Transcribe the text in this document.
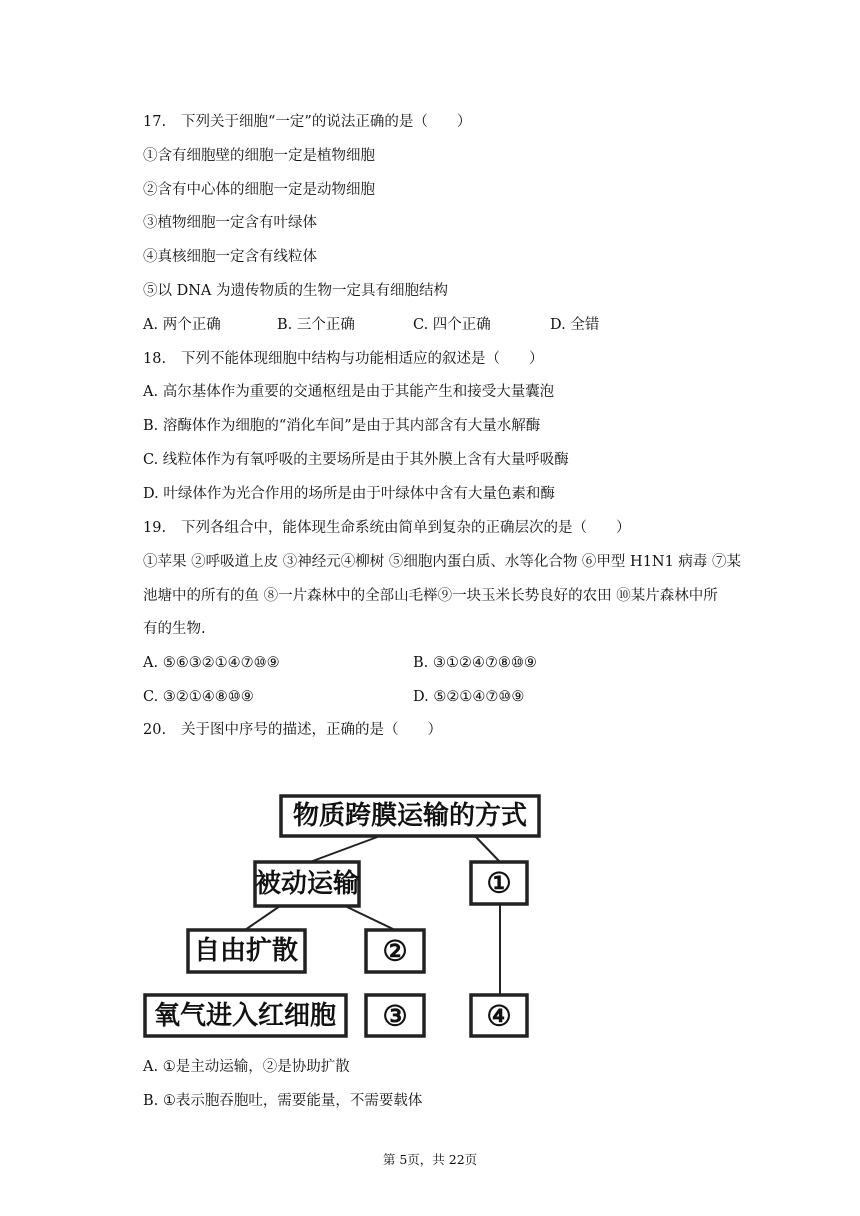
17. 下列关于细胞“一定”的说法正确的是（　　）
①含有细胞壁的细胞一定是植物细胞
②含有中心体的细胞一定是动物细胞
③植物细胞一定含有叶绿体
④真核细胞一定含有线粒体
⑤以 DNA 为遗传物质的生物一定具有细胞结构
A. 两个正确	B. 三个正确	C. 四个正确	D. 全错
18. 下列不能体现细胞中结构与功能相适应的叙述是（　　）
A. 高尔基体作为重要的交通枢纽是由于其能产生和接受大量囊泡
B. 溶酶体作为细胞的“消化车间”是由于其内部含有大量水解酶
C. 线粒体作为有氧呼吸的主要场所是由于其外膜上含有大量呼吸酶
D. 叶绿体作为光合作用的场所是由于叶绿体中含有大量色素和酶
19. 下列各组合中，能体现生命系统由简单到复杂的正确层次的是（　　）
①苹果 ②呼吸道上皮 ③神经元④柳树 ⑤细胞内蛋白质、水等化合物 ⑥甲型 H1N1 病毒 ⑦某
池塘中的所有的鱼 ⑧一片森林中的全部山毛榉⑨一块玉米长势良好的农田 ⑩某片森林中所
有的生物.
A. ⑤⑥③②①④⑦⑩⑨	B. ③①②④⑦⑧⑩⑨
C. ③②①④⑧⑩⑨	D. ⑤②①④⑦⑩⑨
20. 关于图中序号的描述，正确的是（　　）
物质跨膜运输的方式
被动运输	①
自由扩散	②
氧气进入红细胞 ③	④
A. ①是主动运输，②是协助扩散
B. ①表示胞吞胞吐，需要能量，不需要载体
第 5页，共 22页
